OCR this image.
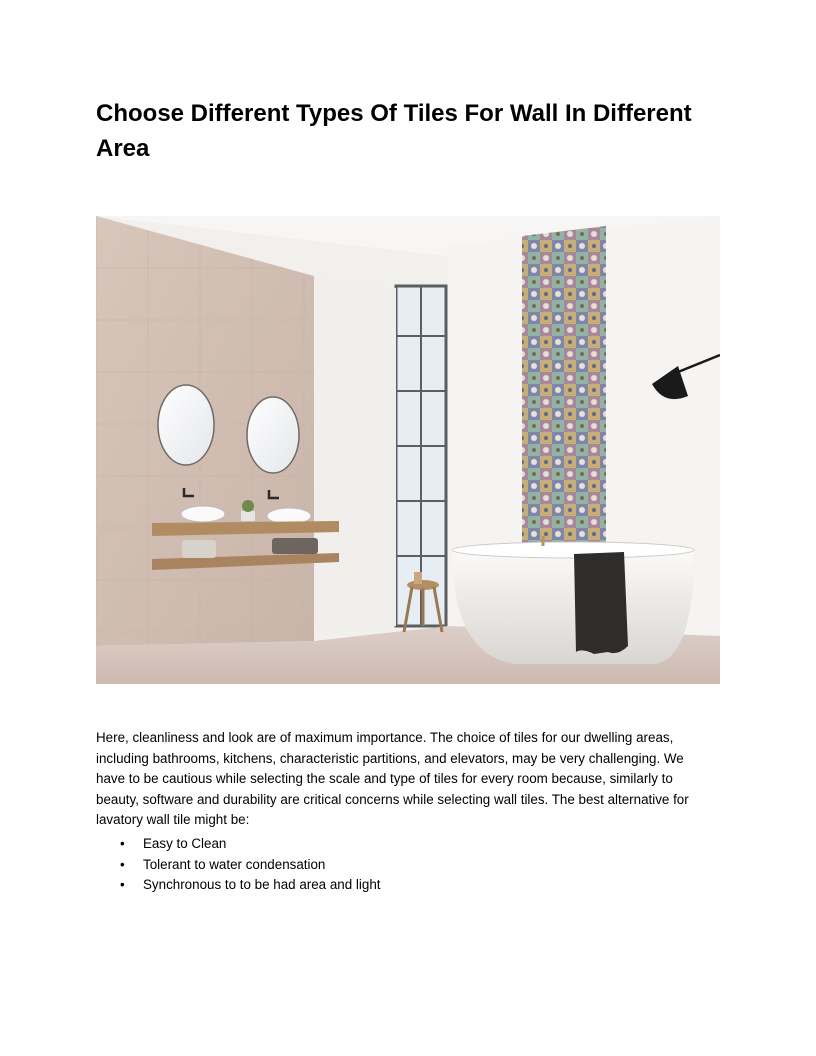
Choose Different Types Of Tiles For Wall In Different Area

Here, cleanliness and look are of maximum importance. The choice of tiles for our dwelling areas, including bathrooms, kitchens, characteristic partitions, and elevators, may be very challenging. We have to be cautious while selecting the scale and type of tiles for every room because, similarly to beauty, software and durability are critical concerns while selecting wall tiles. The best alternative for lavatory wall tile might be:

• Easy to Clean
• Tolerant to water condensation
• Synchronous to to be had area and light
